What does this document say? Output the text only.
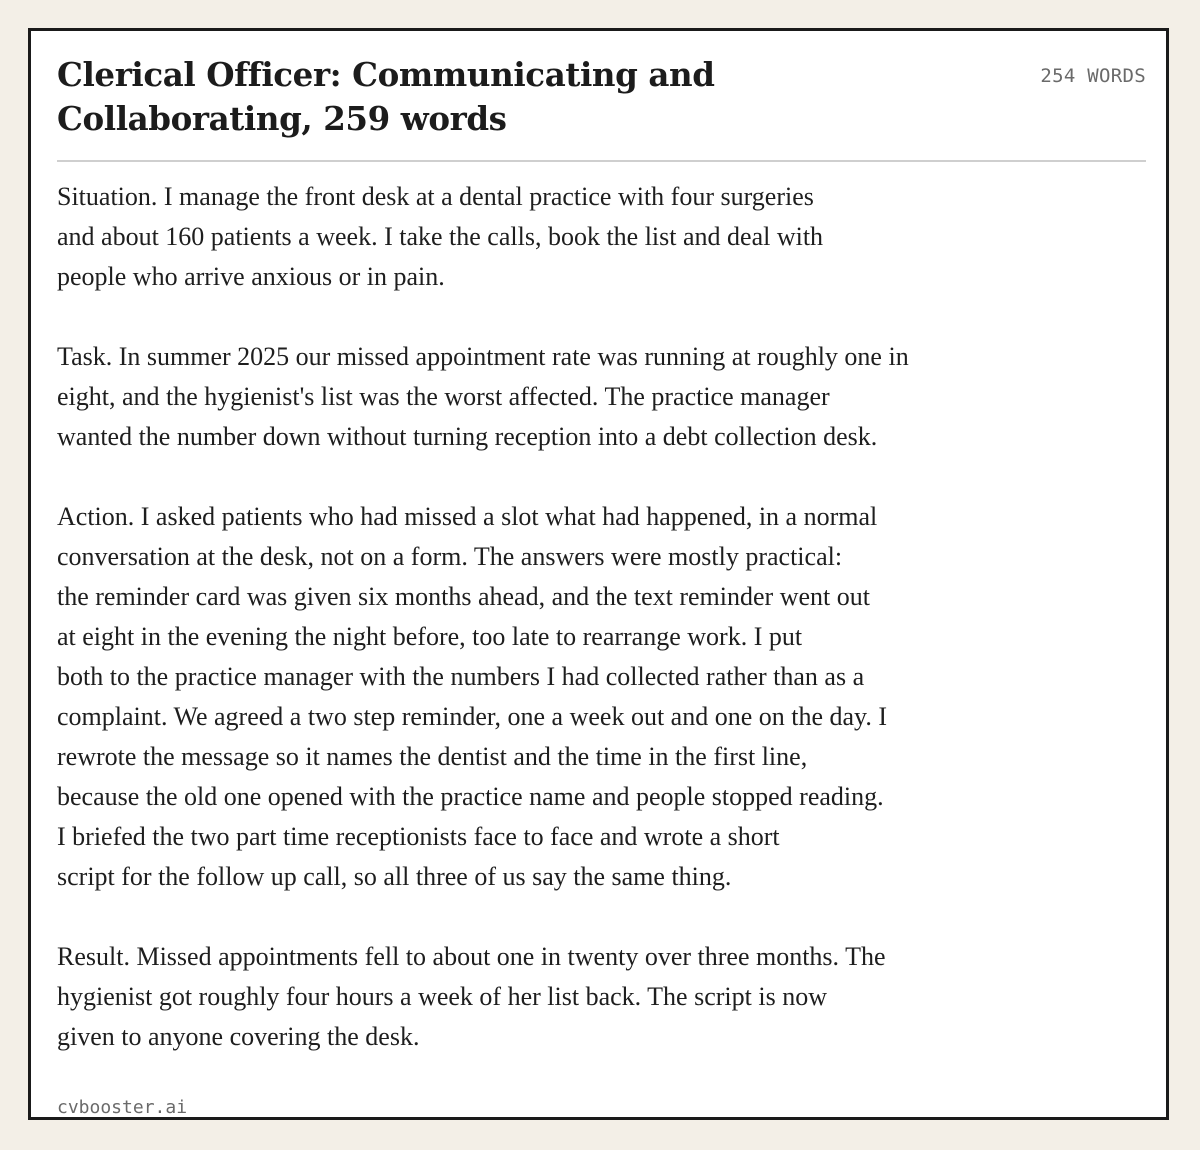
Clerical Officer: Communicating and
Collaborating, 259 words
254 WORDS

Situation. I manage the front desk at a dental practice with four surgeries
and about 160 patients a week. I take the calls, book the list and deal with
people who arrive anxious or in pain.

Task. In summer 2025 our missed appointment rate was running at roughly one in
eight, and the hygienist's list was the worst affected. The practice manager
wanted the number down without turning reception into a debt collection desk.

Action. I asked patients who had missed a slot what had happened, in a normal
conversation at the desk, not on a form. The answers were mostly practical:
the reminder card was given six months ahead, and the text reminder went out
at eight in the evening the night before, too late to rearrange work. I put
both to the practice manager with the numbers I had collected rather than as a
complaint. We agreed a two step reminder, one a week out and one on the day. I
rewrote the message so it names the dentist and the time in the first line,
because the old one opened with the practice name and people stopped reading.
I briefed the two part time receptionists face to face and wrote a short
script for the follow up call, so all three of us say the same thing.

Result. Missed appointments fell to about one in twenty over three months. The
hygienist got roughly four hours a week of her list back. The script is now
given to anyone covering the desk.

cvbooster.ai
